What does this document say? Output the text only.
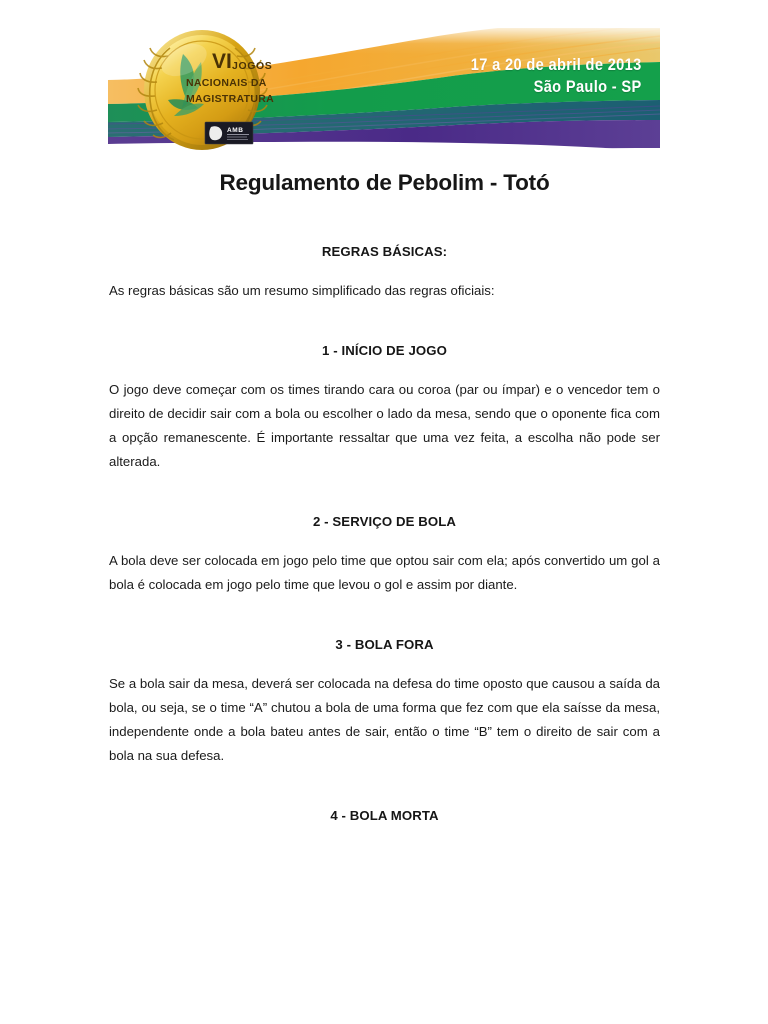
VI JOGOS
NACIONAIS DA
MAGISTRATURA
AMB
17 a 20 de abril de 2013
São Paulo - SP
Regulamento de Pebolim - Totó
REGRAS BÁSICAS:

As regras básicas são um resumo simplificado das regras oficiais:

1 - INÍCIO DE JOGO

O jogo deve começar com os times tirando cara ou coroa (par ou ímpar) e o vencedor tem o direito de decidir sair com a bola ou escolher o lado da mesa, sendo que o oponente fica com a opção remanescente. É importante ressaltar que uma vez feita, a escolha não pode ser alterada.

2 - SERVIÇO DE BOLA

A bola deve ser colocada em jogo pelo time que optou sair com ela; após convertido um gol a bola é colocada em jogo pelo time que levou o gol e assim por diante.

3 - BOLA FORA

Se a bola sair da mesa, deverá ser colocada na defesa do time oposto que causou a saída da bola, ou seja, se o time “A” chutou a bola de uma forma que fez com que ela saísse da mesa, independente onde a bola bateu antes de sair, então o time “B” tem o direito de sair com a bola na sua defesa.

4 - BOLA MORTA
